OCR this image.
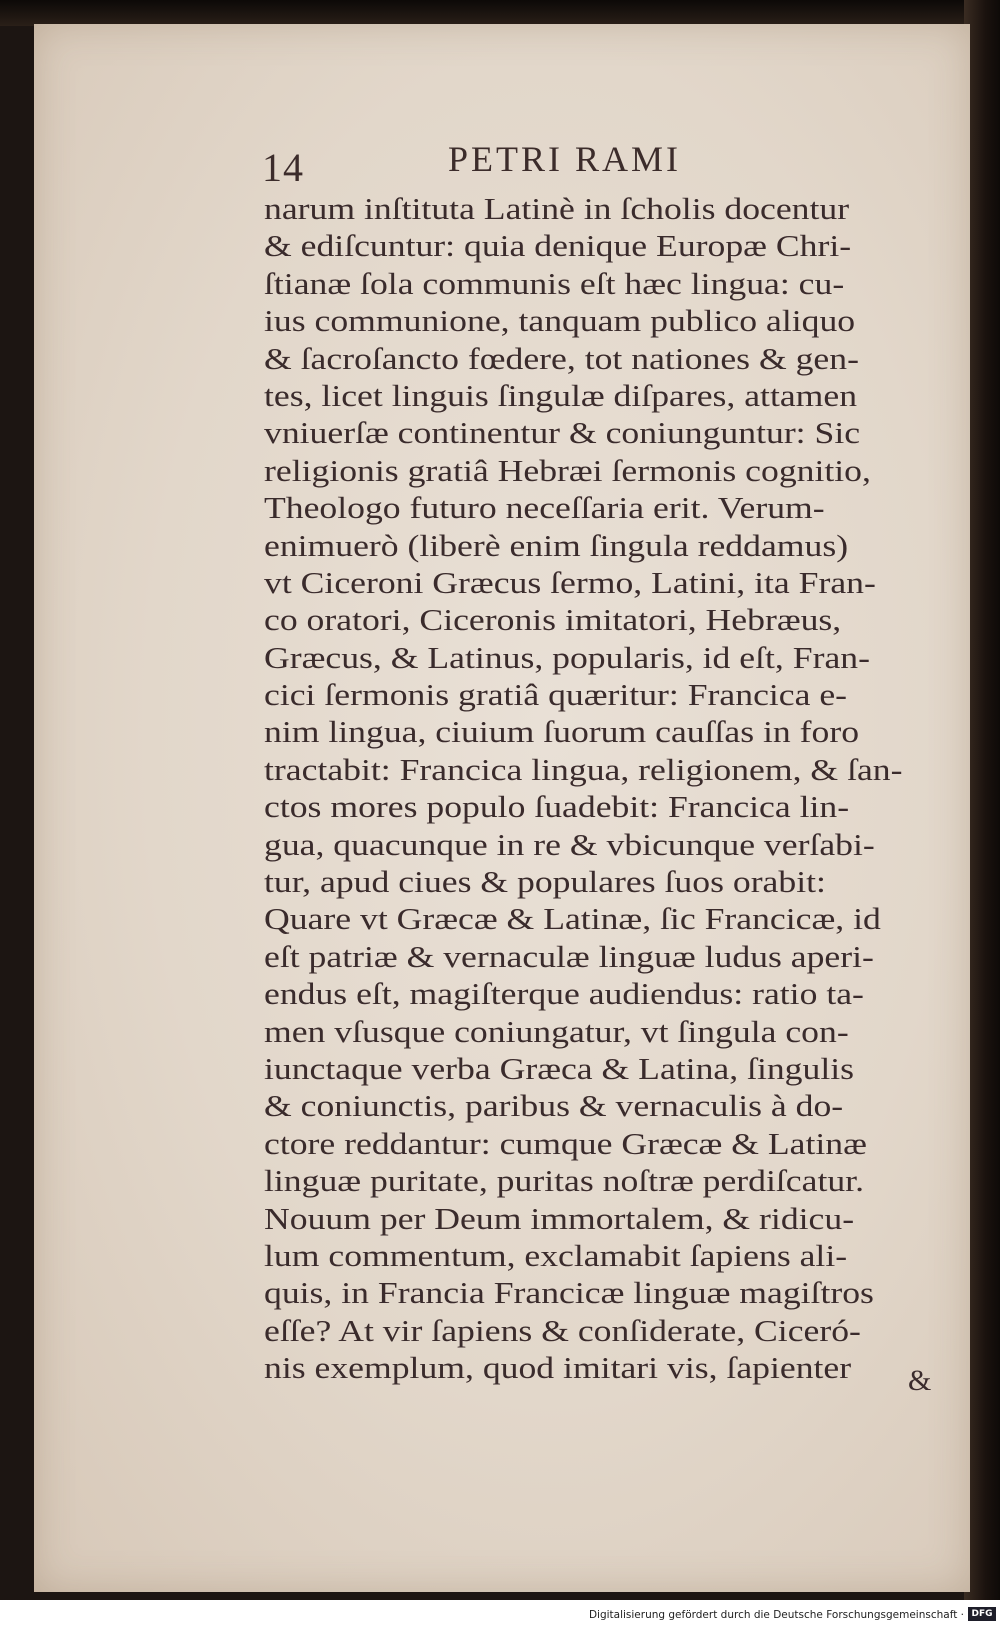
14	PETRI RAMI
narum inſtituta Latinè in ſcholis docentur
& ediſcuntur: quia denique Europæ Chri-
ſtianæ ſola communis eſt hæc lingua: cu-
ius communione, tanquam publico aliquo
& ſacroſancto fœdere, tot nationes & gen-
tes, licet linguis ſingulæ diſpares, attamen
vniuerſæ continentur & coniunguntur: Sic
religionis gratiâ Hebræi ſermonis cognitio,
Theologo futuro neceſſaria erit. Verum-
enimuerò (liberè enim ſingula reddamus)
vt Ciceroni Græcus ſermo, Latini, ita Fran-
co oratori, Ciceronis imitatori, Hebræus,
Græcus, & Latinus, popularis, id eſt, Fran-
cici ſermonis gratiâ quæritur: Francica e-
nim lingua, ciuium ſuorum cauſſas in foro
tractabit: Francica lingua, religionem, & ſan-
ctos mores populo ſuadebit: Francica lin-
gua, quacunque in re & vbicunque verſabi-
tur, apud ciues & populares ſuos orabit:
Quare vt Græcæ & Latinæ, ſic Francicæ, id
eſt patriæ & vernaculæ linguæ ludus aperi-
endus eſt, magiſterque audiendus: ratio ta-
men vſusque coniungatur, vt ſingula con-
iunctaque verba Græca & Latina, ſingulis
& coniunctis, paribus & vernaculis à do-
ctore reddantur: cumque Græcæ & Latinæ
linguæ puritate, puritas noſtræ perdiſcatur.
Nouum per Deum immortalem, & ridicu-
lum commentum, exclamabit ſapiens ali-
quis, in Francia Francicæ linguæ magiſtros
eſſe? At vir ſapiens & conſiderate, Ciceró-
nis exemplum, quod imitari vis, ſapienter	&
Digitalisierung gefördert durch die Deutsche Forschungsgemeinschaft · DFG
